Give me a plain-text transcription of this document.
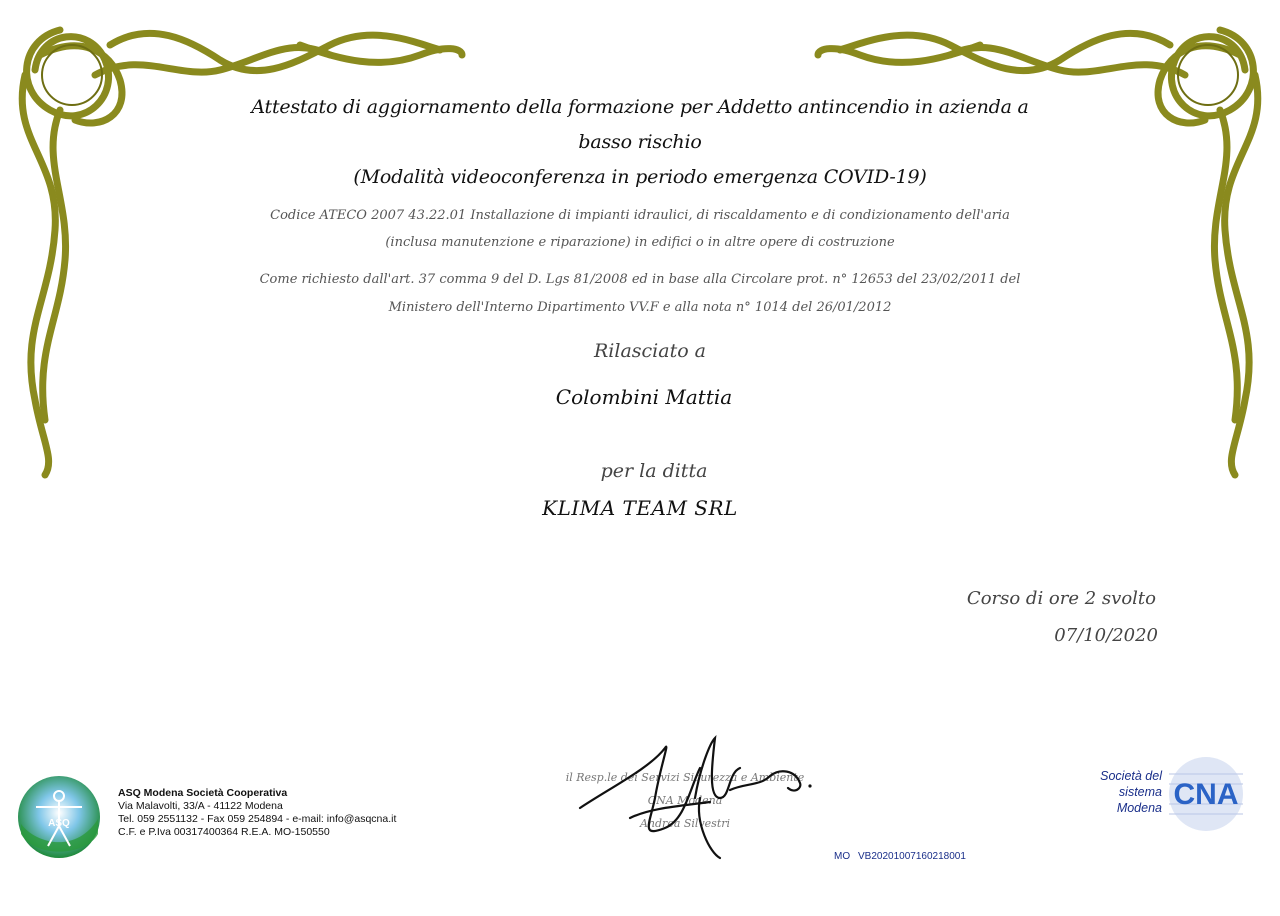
Attestato di aggiornamento della formazione per Addetto antincendio in azienda a
basso rischio
(Modalità videoconferenza in periodo emergenza COVID-19)
Codice ATECO 2007 43.22.01 Installazione di impianti idraulici, di riscaldamento e di condizionamento dell'aria
(inclusa manutenzione e riparazione) in edifici o in altre opere di costruzione
Come richiesto dall'art. 37 comma 9 del D. Lgs 81/2008 ed in base alla Circolare prot. n° 12653 del 23/02/2011 del
Ministero dell'Interno Dipartimento VV.F e alla nota n° 1014 del 26/01/2012
Rilasciato a
Colombini Mattia
per la ditta
KLIMA TEAM SRL
Corso di ore 2 svolto
07/10/2020
ASQ
ASQ Modena Società Cooperativa
Via Malavolti, 33/A - 41122 Modena
Tel. 059 2551132 - Fax 059 254894 - e-mail: info@asqcna.it
C.F. e P.Iva 00317400364 R.E.A. MO-150550
il Resp.le dei Servizi Sicurezza e Ambiente
CNA Modena
Andrea Silvestri
Società del
sistema
Modena CNA
MO VB20201007160218001
